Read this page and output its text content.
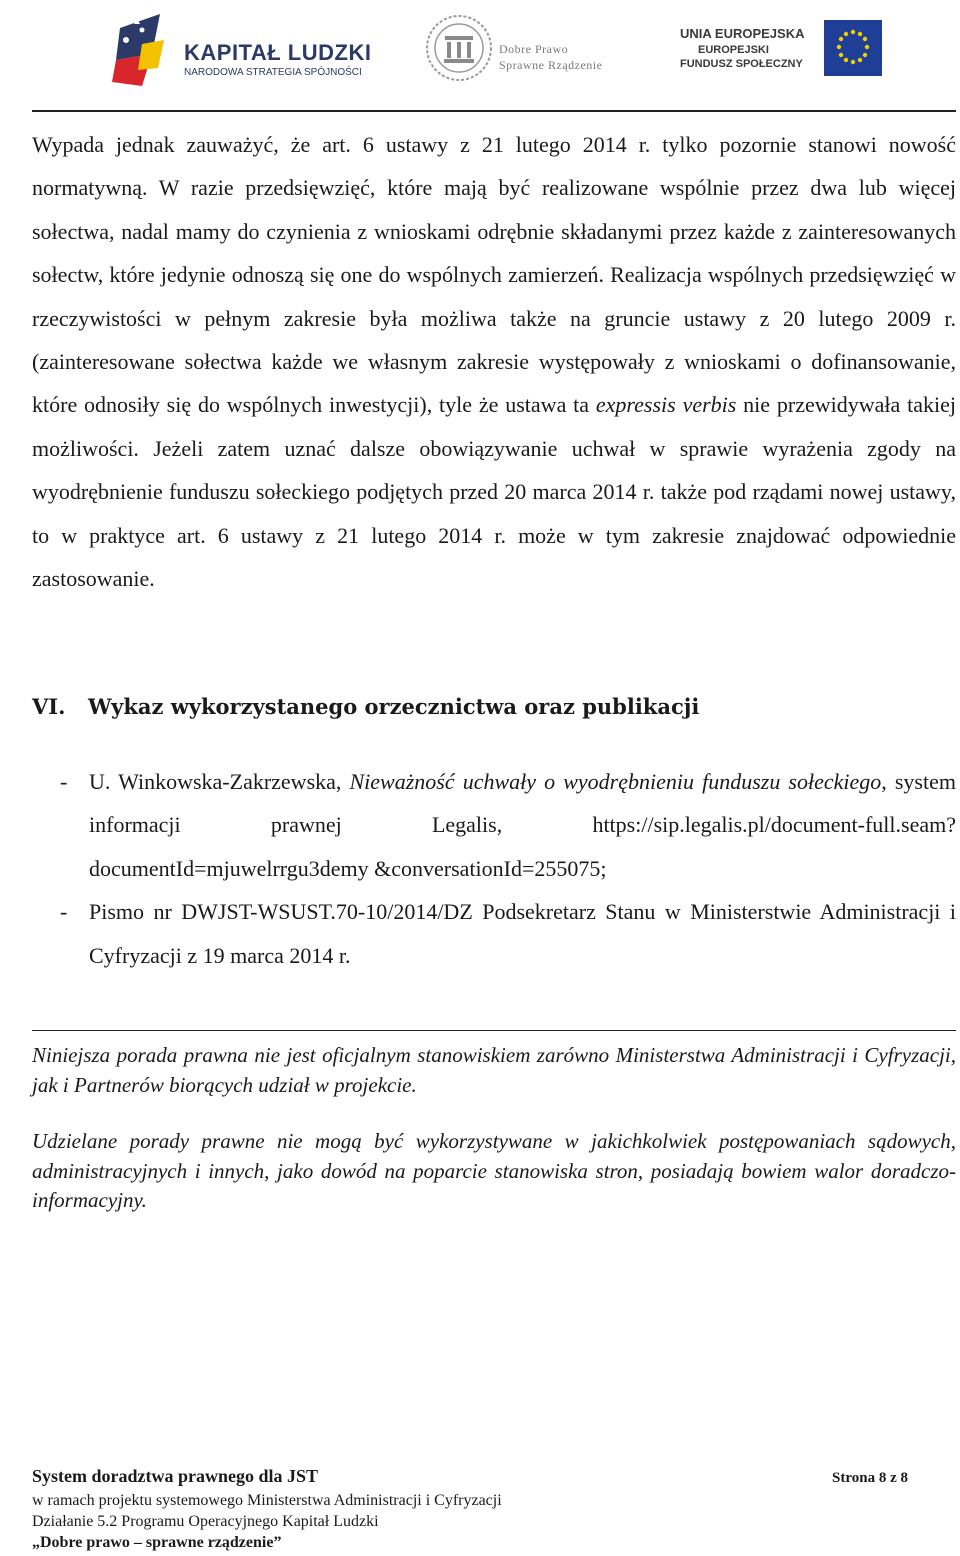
KAPITAŁ LUDZKI
NARODOWA STRATEGIA SPÓJNOŚCI
Dobre Prawo
Sprawne Rządzenie
UNIA EUROPEJSKA
EUROPEJSKI
FUNDUSZ SPOŁECZNY

Wypada jednak zauważyć, że art. 6 ustawy z 21 lutego 2014 r. tylko pozornie stanowi nowość normatywną. W razie przedsięwzięć, które mają być realizowane wspólnie przez dwa lub więcej sołectwa, nadal mamy do czynienia z wnioskami odrębnie składanymi przez każde z zainteresowanych sołectw, które jedynie odnoszą się one do wspólnych zamierzeń. Realizacja wspólnych przedsięwzięć w rzeczywistości w pełnym zakresie była możliwa także na gruncie ustawy z 20 lutego 2009 r. (zainteresowane sołectwa każde we własnym zakresie występowały z wnioskami o dofinansowanie, które odnosiły się do wspólnych inwestycji), tyle że ustawa ta expressis verbis nie przewidywała takiej możliwości. Jeżeli zatem uznać dalsze obowiązywanie uchwał w sprawie wyrażenia zgody na wyodrębnienie funduszu sołeckiego podjętych przed 20 marca 2014 r. także pod rządami nowej ustawy, to w praktyce art. 6 ustawy z 21 lutego 2014 r. może w tym zakresie znajdować odpowiednie zastosowanie.

VI. Wykaz wykorzystanego orzecznictwa oraz publikacji
- U. Winkowska-Zakrzewska, Nieważność uchwały o wyodrębnieniu funduszu sołeckiego, system informacji prawnej Legalis, https://sip.legalis.pl/document-full.seam?documentId=mjuwelrrgu3demy &conversationId=255075;
- Pismo nr DWJST-WSUST.70-10/2014/DZ Podsekretarz Stanu w Ministerstwie Administracji i Cyfryzacji z 19 marca 2014 r.

Niniejsza porada prawna nie jest oficjalnym stanowiskiem zarówno Ministerstwa Administracji i Cyfryzacji, jak i Partnerów biorących udział w projekcie.

Udzielane porady prawne nie mogą być wykorzystywane w jakichkolwiek postępowaniach sądowych, administracyjnych i innych, jako dowód na poparcie stanowiska stron, posiadają bowiem walor doradczo-informacyjny.

System doradztwa prawnego dla JST
w ramach projektu systemowego Ministerstwa Administracji i Cyfryzacji
Działanie 5.2 Programu Operacyjnego Kapitał Ludzki
„Dobre prawo – sprawne rządzenie”
Strona 8 z 8
